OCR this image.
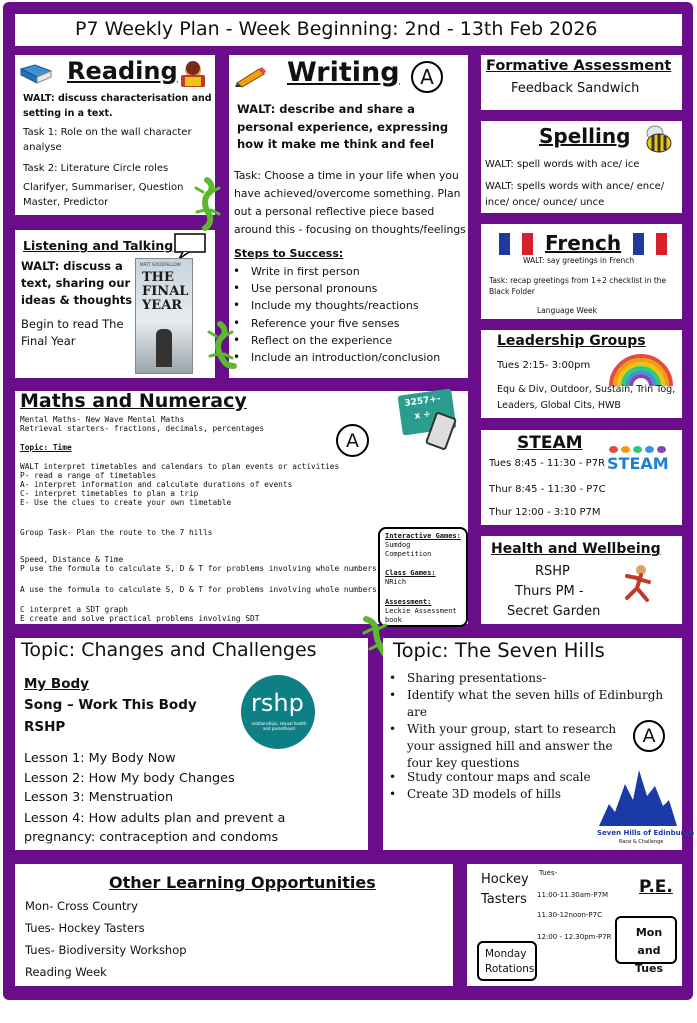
P7 Weekly Plan - Week Beginning: 2nd - 13th Feb 2026
Reading
WALT: discuss characterisation and setting in a text.
Task 1: Role on the wall character analyse
Task 2: Literature Circle roles
Clarifyer, Summariser, Question Master, Predictor
Listening and Talking
WALT: discuss a text, sharing our ideas & thoughts
Begin to read The Final Year
MATT GOODFELLOW
THE FINAL YEAR
Writing	A
WALT: describe and share a personal experience, expressing how it make me think and feel
Task: Choose a time in your life when you have achieved/overcome something. Plan out a personal reflective piece based around this - focusing on thoughts/feelings
Steps to Success:
• Write in first person
• Use personal pronouns
• Include my thoughts/reactions
• Reference your five senses
• Reflect on the experience
• Include an introduction/conclusion
Formative Assessment
Feedback Sandwich
Spelling
WALT: spell words with ace/ ice
WALT: spells words with ance/ ence/ ince/ once/ ounce/ unce
French
WALT: say greetings in French
Task: recap greetings from 1+2 checklist in the Black Folder
Language Week
Leadership Groups
Tues 2:15- 3:00pm
Equ & Div, Outdoor, Sustain, Trin Tog, Leaders, Global Cits, HWB
STEAM
STEAM
Tues 8:45 - 11:30 - P7R
Thur 8:45 - 11:30 - P7C
Thur 12:00 - 3:10 P7M
Health and Wellbeing
RSHP
Thurs PM -
Secret Garden
Maths and Numeracy	3257+-
x ÷
Mental Maths- New Wave Mental Maths
Retrieval starters- fractions, decimals, percentages
A
Topic: Time
WALT interpret timetables and calendars to plan events or activities
P- read a range of timetables
A- interpret information and calculate durations of events
C- interpret timetables to plan a trip
E- Use the clues to create your own timetable
Group Task- Plan the route to the 7 hills
Speed, Distance & Time
P use the formula to calculate S, D & T for problems involving whole numbers
A use the formula to calculate S, D & T for problems involving whole numbers
C interpret a SDT graph
E create and solve practical problems involving SDT
Interactive Games:
Sumdog Competition
Class Games:
NRich
Assessment:
Leckie Assessment book
Topic: Changes and Challenges
My Body
Song – Work This Body
RSHP
rshp
relationships, sexual health and parenthood
Lesson 1: My Body Now
Lesson 2: How My body Changes
Lesson 3: Menstruation
Lesson 4: How adults plan and prevent a pregnancy: contraception and condoms
Topic: The Seven Hills
• Sharing presentations-
• Identify what the seven hills of Edinburgh are
• With your group, start to research your assigned hill and answer the four key questions
• Study contour maps and scale
• Create 3D models of hills
A
Seven Hills of Edinburgh
Race & Challenge
Other Learning Opportunities
Mon- Cross Country
Tues- Hockey Tasters
Tues- Biodiversity Workshop
Reading Week
Hockey Tasters
Tues-
11:00-11.30am-P7M
11.30-12noon-P7C
12:00 - 12.30pm-P7R
P.E.
Monday Rotations
Mon and Tues
